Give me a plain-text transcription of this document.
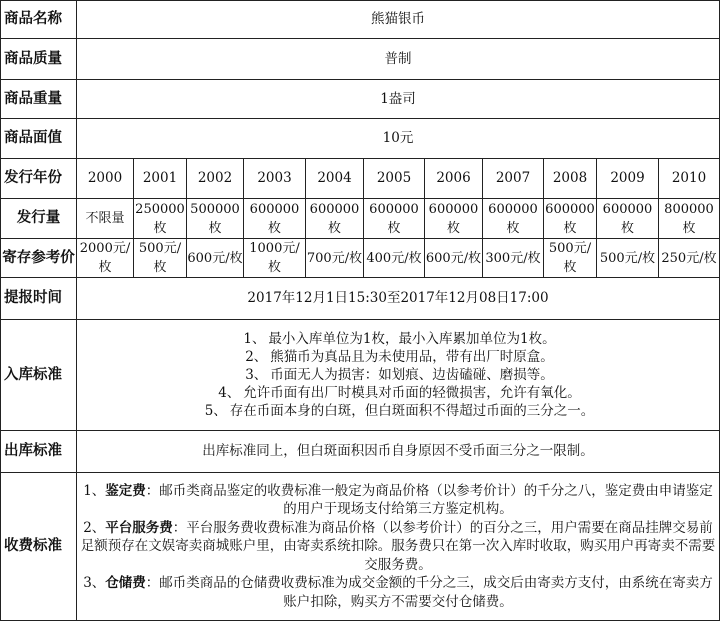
商品名称	熊猫银币										
商品质量	普制										
商品重量	1盎司										
商品面值	10元										
发行年份	2000	2001	2002	2003	2004	2005	2006	2007	2008	2009	2010
发行量	不限量	250000枚	500000枚	600000枚	600000枚	600000枚	600000枚	600000枚	600000枚	600000枚	800000枚
寄存参考价	2000元/枚	500元/枚	600元/枚	1000元/枚	700元/枚	400元/枚	600元/枚	300元/枚	500元/枚	500元/枚	250元/枚
提报时间	2017年12月1日15:30至2017年12月08日17:00										
入库标准	1、 最小入库单位为1枚，最小入库累加单位为1枚。

2、 熊猫币为真品且为未使用品，带有出厂时原盒。

3、 币面无人为损害：如划痕、边齿磕碰、磨损等。

4、 允许币面有出厂时模具对币面的轻微损害，允许有氧化。

5、 存在币面本身的白斑，但白斑面积不得超过币面的三分之一。										

出库标准	出库标准同上，但白斑面积因币自身原因不受币面三分之一限制。										
收费标准	1、鉴定费：邮币类商品鉴定的收费标准一般定为商品价格（以参考价计）的千分之八，鉴定费由申请鉴定的用户于现场支付给第三方鉴定机构。

2、平台服务费：平台服务费收费标准为商品价格（以参考价计）的百分之三，用户需要在商品挂牌交易前足额预存在文娱寄卖商城账户里，由寄卖系统扣除。服务费只在第一次入库时收取，购买用户再寄卖不需要交服务费。

3、仓储费：邮币类商品的仓储费收费标准为成交金额的千分之三，成交后由寄卖方支付，由系统在寄卖方账户扣除，购买方不需要交付仓储费。										
